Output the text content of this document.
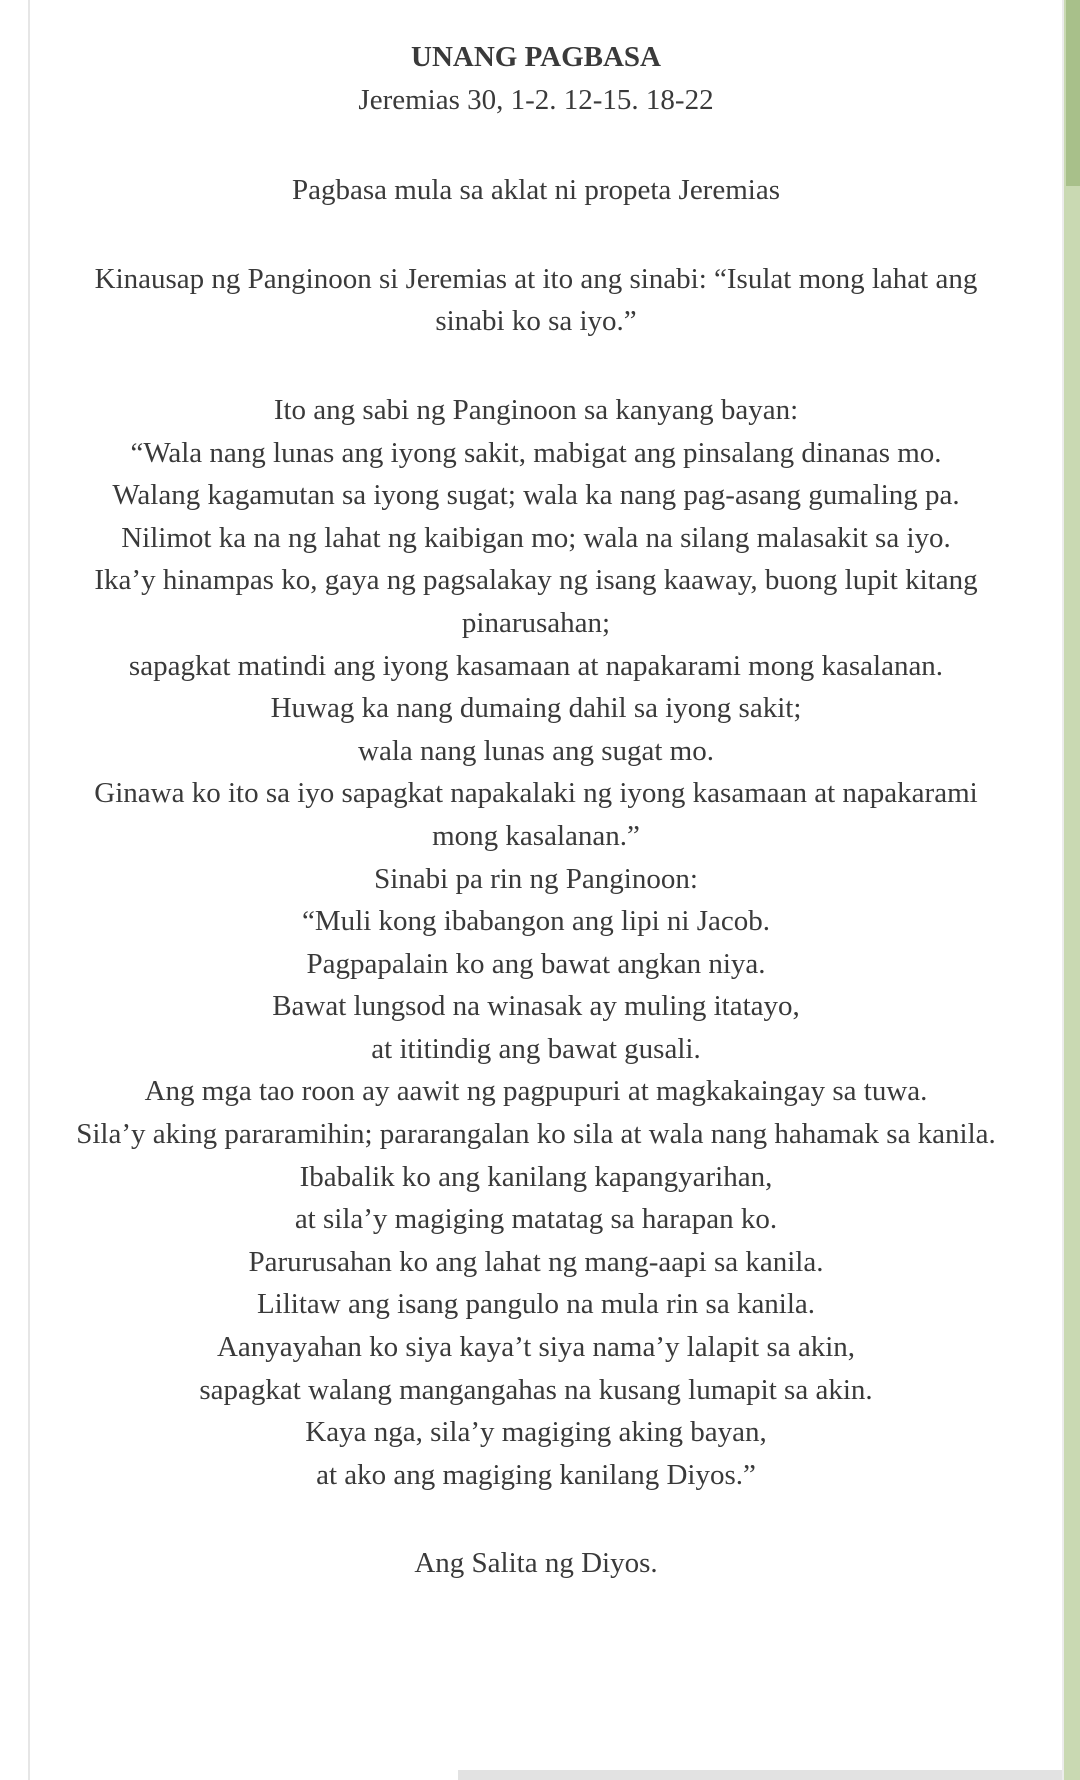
UNANG PAGBASA

Jeremias 30, 1-2. 12-15. 18-22

Pagbasa mula sa aklat ni propeta Jeremias

Kinausap ng Panginoon si Jeremias at ito ang sinabi: “Isulat mong lahat ang sinabi ko sa iyo.”

Ito ang sabi ng Panginoon sa kanyang bayan:
“Wala nang lunas ang iyong sakit, mabigat ang pinsalang dinanas mo.
Walang kagamutan sa iyong sugat; wala ka nang pag-asang gumaling pa.
Nilimot ka na ng lahat ng kaibigan mo; wala na silang malasakit sa iyo.
Ika’y hinampas ko, gaya ng pagsalakay ng isang kaaway, buong lupit kitang pinarusahan;
sapagkat matindi ang iyong kasamaan at napakarami mong kasalanan.
Huwag ka nang dumaing dahil sa iyong sakit;
wala nang lunas ang sugat mo.
Ginawa ko ito sa iyo sapagkat napakalaki ng iyong kasamaan at napakarami mong kasalanan.”
Sinabi pa rin ng Panginoon:
“Muli kong ibabangon ang lipi ni Jacob.
Pagpapalain ko ang bawat angkan niya.
Bawat lungsod na winasak ay muling itatayo,
at ititindig ang bawat gusali.
Ang mga tao roon ay aawit ng pagpupuri at magkakaingay sa tuwa.
Sila’y aking pararamihin; pararangalan ko sila at wala nang hahamak sa kanila.
Ibabalik ko ang kanilang kapangyarihan,
at sila’y magiging matatag sa harapan ko.
Parurusahan ko ang lahat ng mang-aapi sa kanila.
Lilitaw ang isang pangulo na mula rin sa kanila.
Aanyayahan ko siya kaya’t siya nama’y lalapit sa akin,
sapagkat walang mangangahas na kusang lumapit sa akin.
Kaya nga, sila’y magiging aking bayan,
at ako ang magiging kanilang Diyos.”

Ang Salita ng Diyos.
